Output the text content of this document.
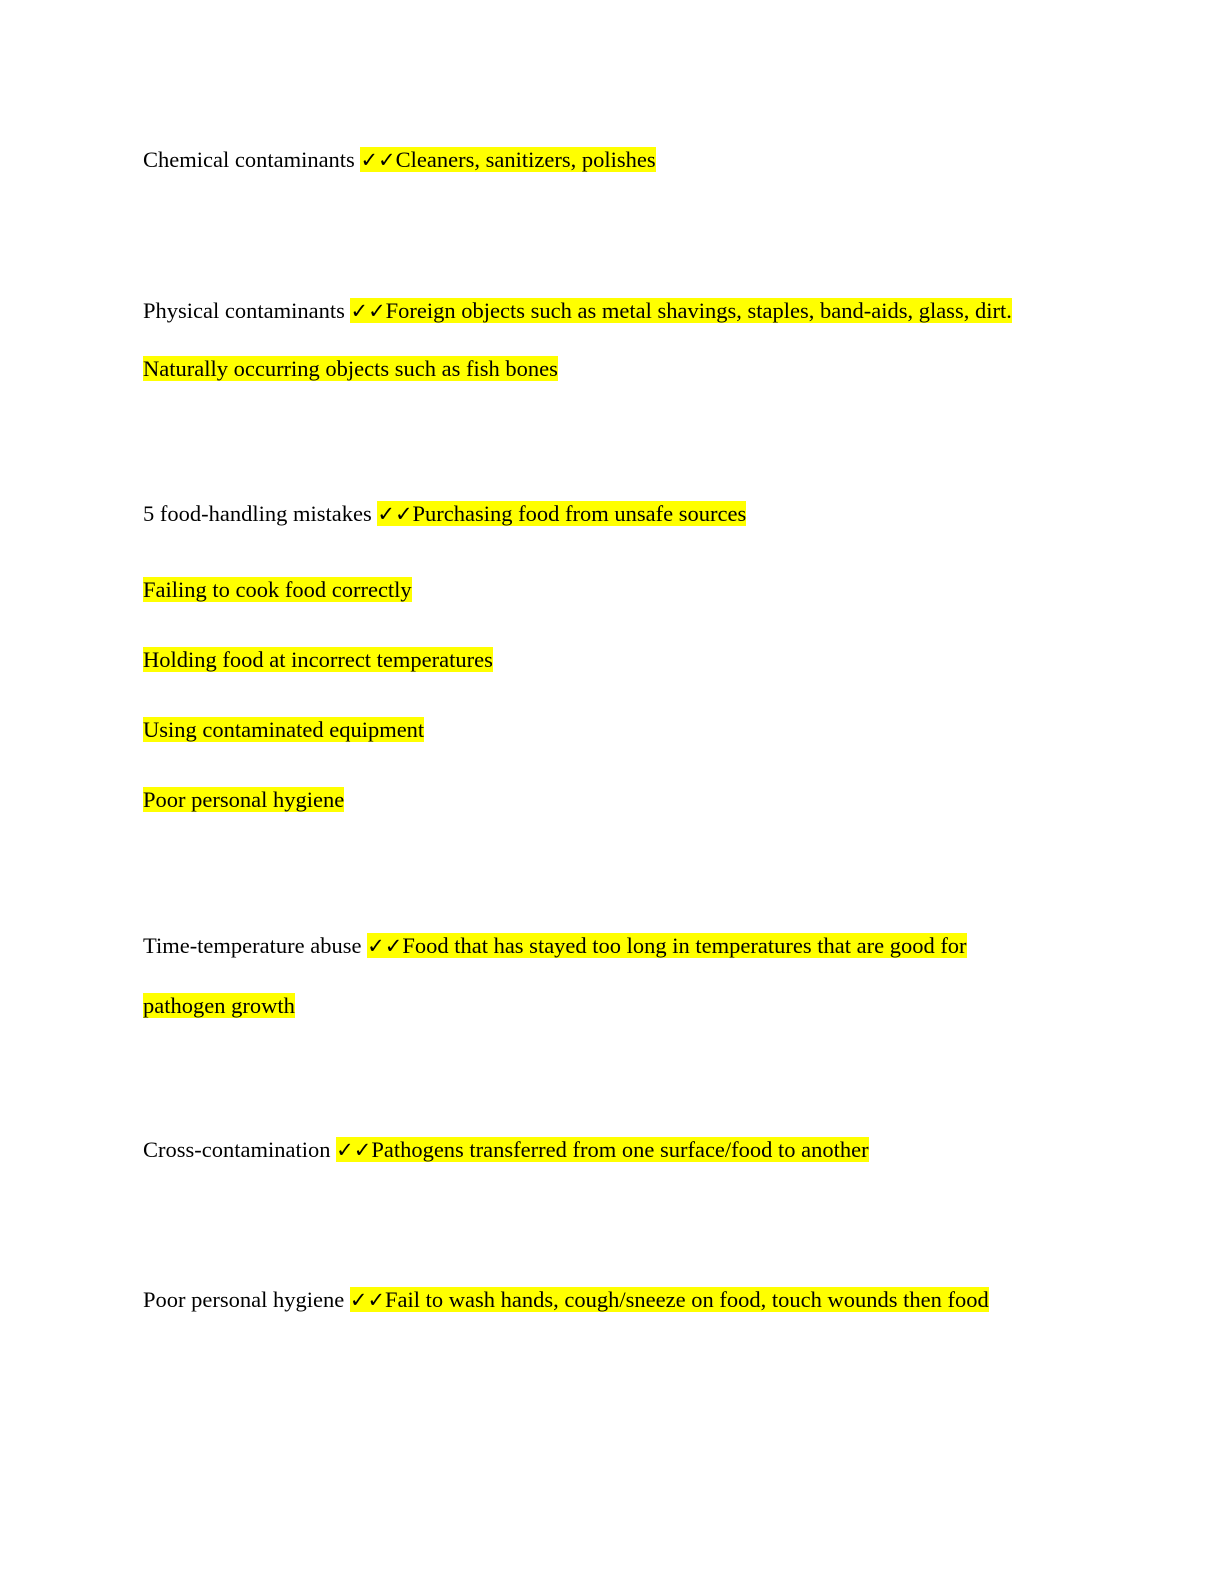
Chemical contaminants ✓✓Cleaners, sanitizers, polishes
Physical contaminants ✓✓Foreign objects such as metal shavings, staples, band-aids, glass, dirt.
Naturally occurring objects such as fish bones
5 food-handling mistakes ✓✓Purchasing food from unsafe sources
Failing to cook food correctly
Holding food at incorrect temperatures
Using contaminated equipment
Poor personal hygiene
Time-temperature abuse ✓✓Food that has stayed too long in temperatures that are good for
pathogen growth
Cross-contamination ✓✓Pathogens transferred from one surface/food to another
Poor personal hygiene ✓✓Fail to wash hands, cough/sneeze on food, touch wounds then food
